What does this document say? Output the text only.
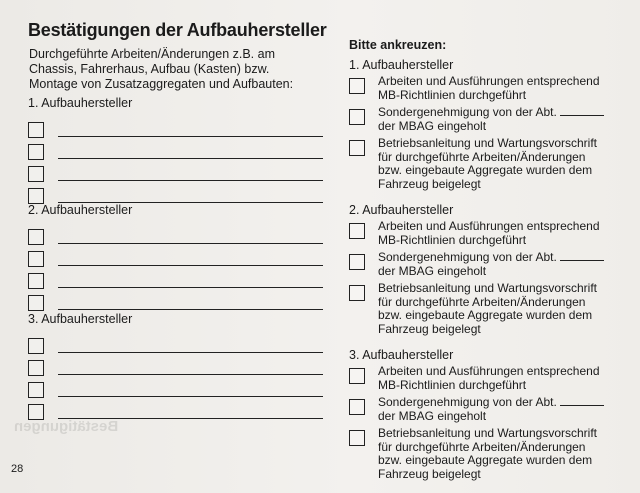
Bestätigungen
Bestätigungen der Aufbauhersteller
Durchgeführte Arbeiten/Änderungen z.B. am
Chassis, Fahrerhaus, Aufbau (Kasten) bzw.
Montage von Zusatzaggregaten und Aufbauten:
1. Aufbauhersteller
2. Aufbauhersteller
3. Aufbauhersteller
Bitte ankreuzen:
1. Aufbauhersteller
Arbeiten und Ausführungen entsprechend
MB-Richtlinien durchgeführt
Sondergenehmigung von der Abt.
der MBAG eingeholt
Betriebsanleitung und Wartungsvorschrift
für durchgeführte Arbeiten/Änderungen
bzw. eingebaute Aggregate wurden dem
Fahrzeug beigelegt
2. Aufbauhersteller
Arbeiten und Ausführungen entsprechend
MB-Richtlinien durchgeführt
Sondergenehmigung von der Abt.
der MBAG eingeholt
Betriebsanleitung und Wartungsvorschrift
für durchgeführte Arbeiten/Änderungen
bzw. eingebaute Aggregate wurden dem
Fahrzeug beigelegt
3. Aufbauhersteller
Arbeiten und Ausführungen entsprechend
MB-Richtlinien durchgeführt
Sondergenehmigung von der Abt.
der MBAG eingeholt
Betriebsanleitung und Wartungsvorschrift
für durchgeführte Arbeiten/Änderungen
bzw. eingebaute Aggregate wurden dem
Fahrzeug beigelegt
28
